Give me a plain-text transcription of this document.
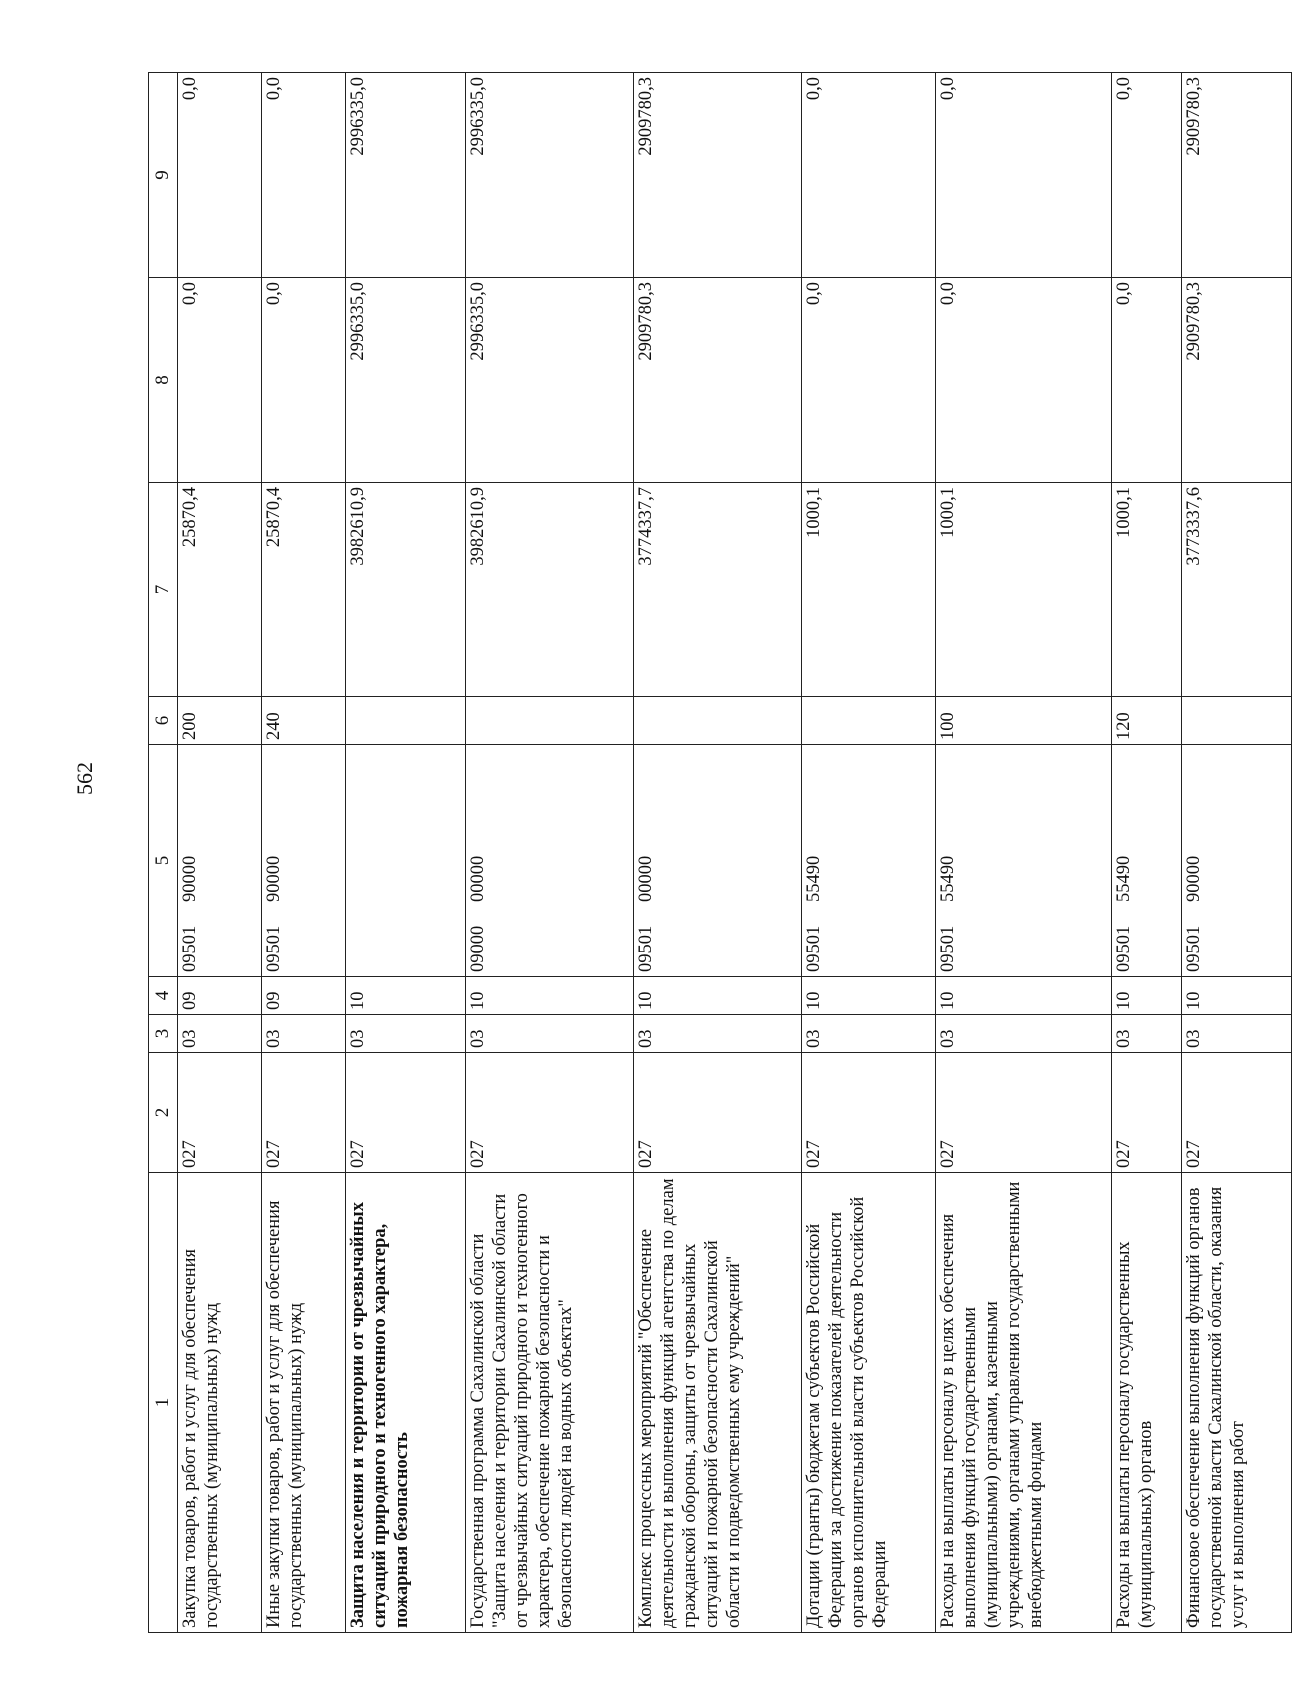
562
1	2	3	4	5	6	7	8	9
Закупка товаров, работ и услуг для обеспечения государственных (муниципальных) нужд	027	03	09	0950190000	200	25870,4	0,0	0,0
Иные закупки товаров, работ и услуг для обеспечения государственных (муниципальных) нужд	027	03	09	0950190000	240	25870,4	0,0	0,0
Защита населения и территории от чрезвычайных ситуаций природного и техногенного характера, пожарная безопасность	027	03	10			3982610,9	2996335,0	2996335,0
Государственная программа Сахалинской области "Защита населения и территории Сахалинской области от чрезвычайных ситуаций природного и техногенного характера, обеспечение пожарной безопасности и безопасности людей на водных объектах"	027	03	10	0900000000		3982610,9	2996335,0	2996335,0
Комплекс процессных мероприятий "Обеспечение деятельности и выполнения функций агентства по делам гражданской обороны, защиты от чрезвычайных ситуаций и пожарной безопасности Сахалинской области и подведомственных ему учреждений"	027	03	10	0950100000		3774337,7	2909780,3	2909780,3
Дотации (гранты) бюджетам субъектов Российской Федерации за достижение показателей деятельности органов исполнительной власти субъектов Российской Федерации	027	03	10	0950155490		1000,1	0,0	0,0
Расходы на выплаты персоналу в целях обеспечения выполнения функций государственными (муниципальными) органами, казенными учреждениями, органами управления государственными внебюджетными фондами	027	03	10	0950155490	100	1000,1	0,0	0,0
Расходы на выплаты персоналу государственных (муниципальных) органов	027	03	10	0950155490	120	1000,1	0,0	0,0
Финансовое обеспечение выполнения функций органов государственной власти Сахалинской области, оказания услуг и выполнения работ	027	03	10	0950190000		3773337,6	2909780,3	2909780,3
